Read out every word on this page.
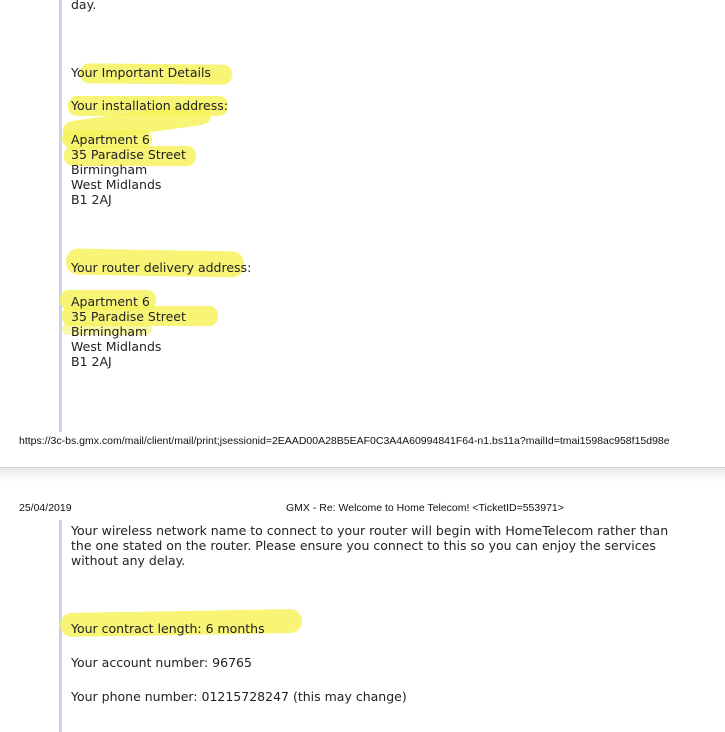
day.
Your Important Details
Your installation address:
Apartment 6
35 Paradise Street
Birmingham
West Midlands
B1 2AJ
Your router delivery address:
Apartment 6
35 Paradise Street
Birmingham
West Midlands
B1 2AJ
https://3c-bs.gmx.com/mail/client/mail/print;jsessionid=2EAAD00A28B5EAF0C3A4A60994841F64-n1.bs11a?mailId=tmai1598ac958f15d98e
25/04/2019	GMX - Re: Welcome to Home Telecom! <TicketID=553971>
Your wireless network name to connect to your router will begin with HomeTelecom rather than
the one stated on the router. Please ensure you connect to this so you can enjoy the services
without any delay.
Your contract length: 6 months
Your account number: 96765
Your phone number: 01215728247 (this may change)
